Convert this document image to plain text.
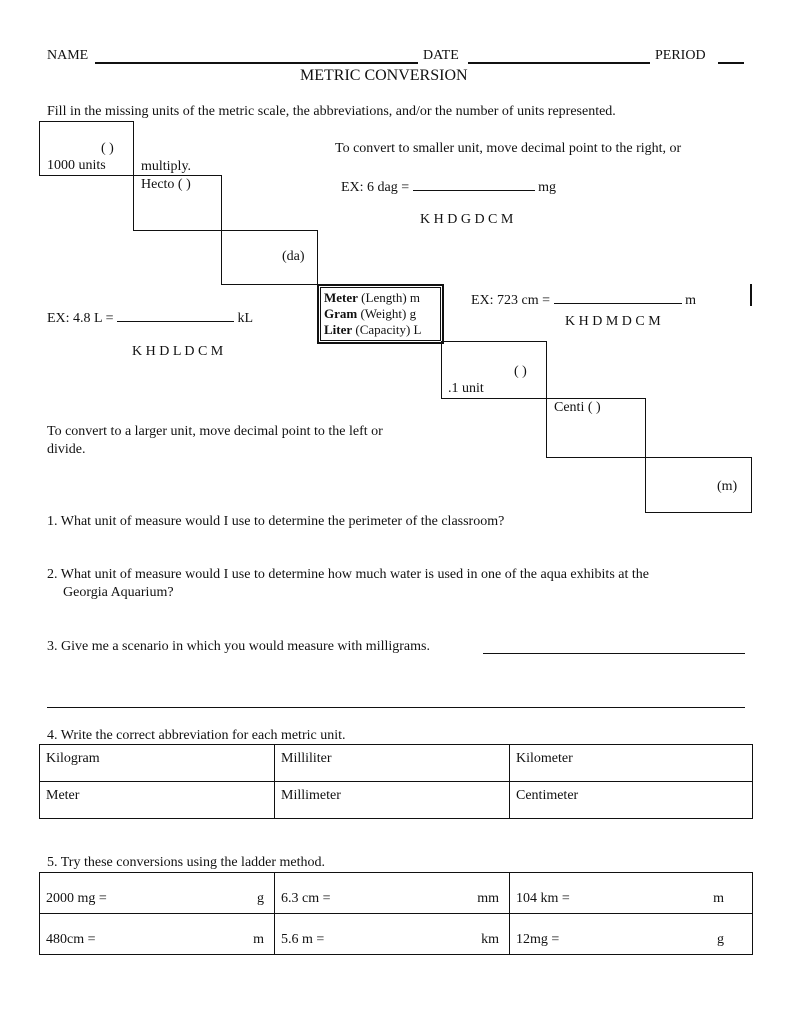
NAME	DATE	PERIOD
METRIC CONVERSION
Fill in the missing units of the metric scale, the abbreviations, and/or the number of units represented.
( )
1000 units	multiply.
Hecto ( )
(da)
Meter (Length) m
Gram (Weight) g
Liter (Capacity) L
( )
.1 unit
Centi ( )
(m)
To convert to smaller unit, move decimal point to the right, or
EX: 6 dag =	mg
K H D G D C M
EX: 723 cm =	m
K H D M D C M
EX: 4.8 L =	kL
K H D L D C M
To convert to a larger unit, move decimal point to the left or
divide.
1. What unit of measure would I use to determine the perimeter of the classroom?
2. What unit of measure would I use to determine how much water is used in one of the aqua exhibits at the
Georgia Aquarium?
3. Give me a scenario in which you would measure with milligrams.
4. Write the correct abbreviation for each metric unit.
Kilogram	Milliliter	Kilometer
Meter	Millimeter	Centimeter
5. Try these conversions using the ladder method.
2000 mg = g	6.3 cm = mm	104 km = m

480cm = m	5.6 m = km	12mg = g
